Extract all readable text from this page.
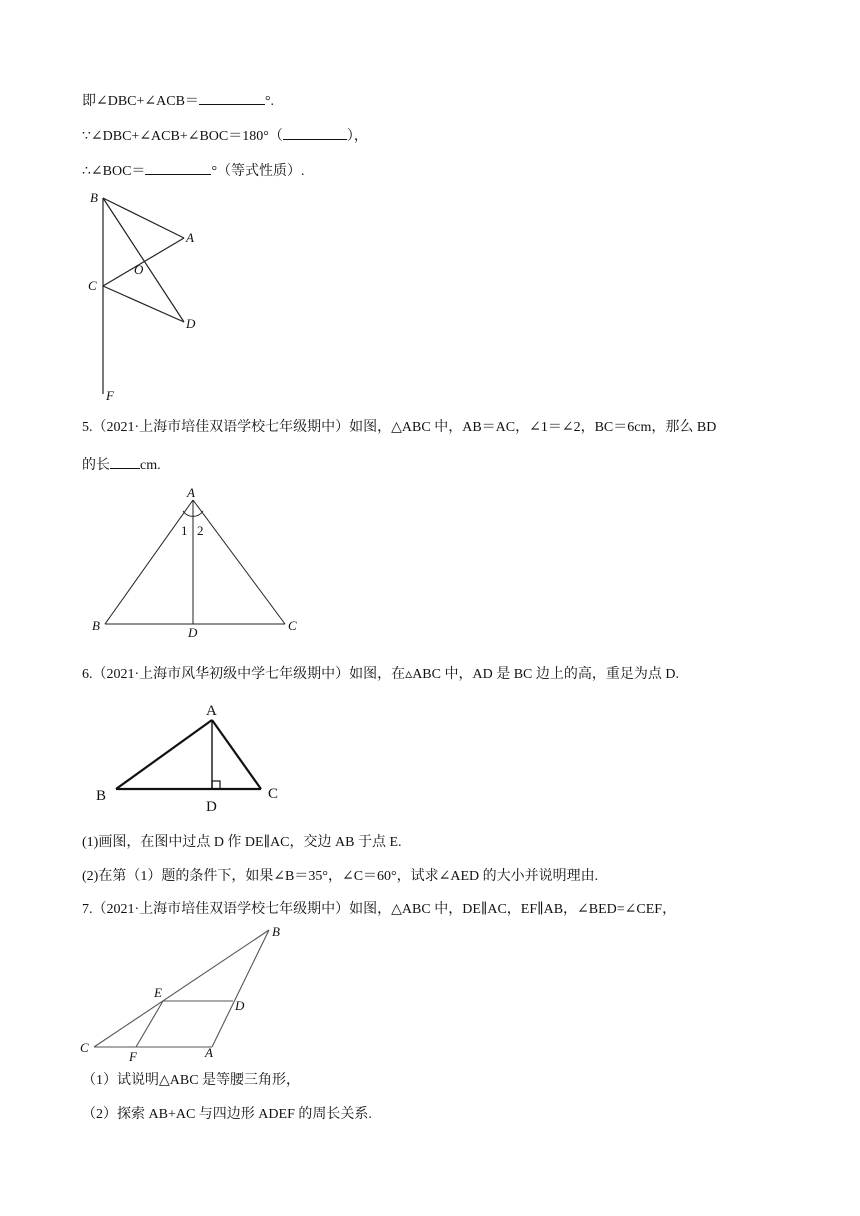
即∠DBC+∠ACB＝	°.
∵∠DBC+∠ACB+∠BOC＝180°（	），
∴∠BOC＝	°（等式性质）.
B
A
O
C
D
F
5.（2021·上海市培佳双语学校七年级期中）如图，△ABC 中，AB＝AC，∠1＝∠2，BC＝6cm，那么 BD
的长 cm.
A
1 2
B	D	C
6.（2021·上海市风华初级中学七年级期中）如图，在▵ABC 中，AD 是 BC 边上的高，重足为点 D.
A
B
D
C
(1)画图，在图中过点 D 作 DE∥AC，交边 AB 于点 E.
(2)在第（1）题的条件下，如果∠B＝35°，∠C＝60°，试求∠AED 的大小并说明理由.
7.（2021·上海市培佳双语学校七年级期中）如图，△ABC 中，DE∥AC，EF∥AB，∠BED=∠CEF，
B
E
D
C
F	A
（1）试说明△ABC 是等腰三角形，
（2）探索 AB+AC 与四边形 ADEF 的周长关系.
